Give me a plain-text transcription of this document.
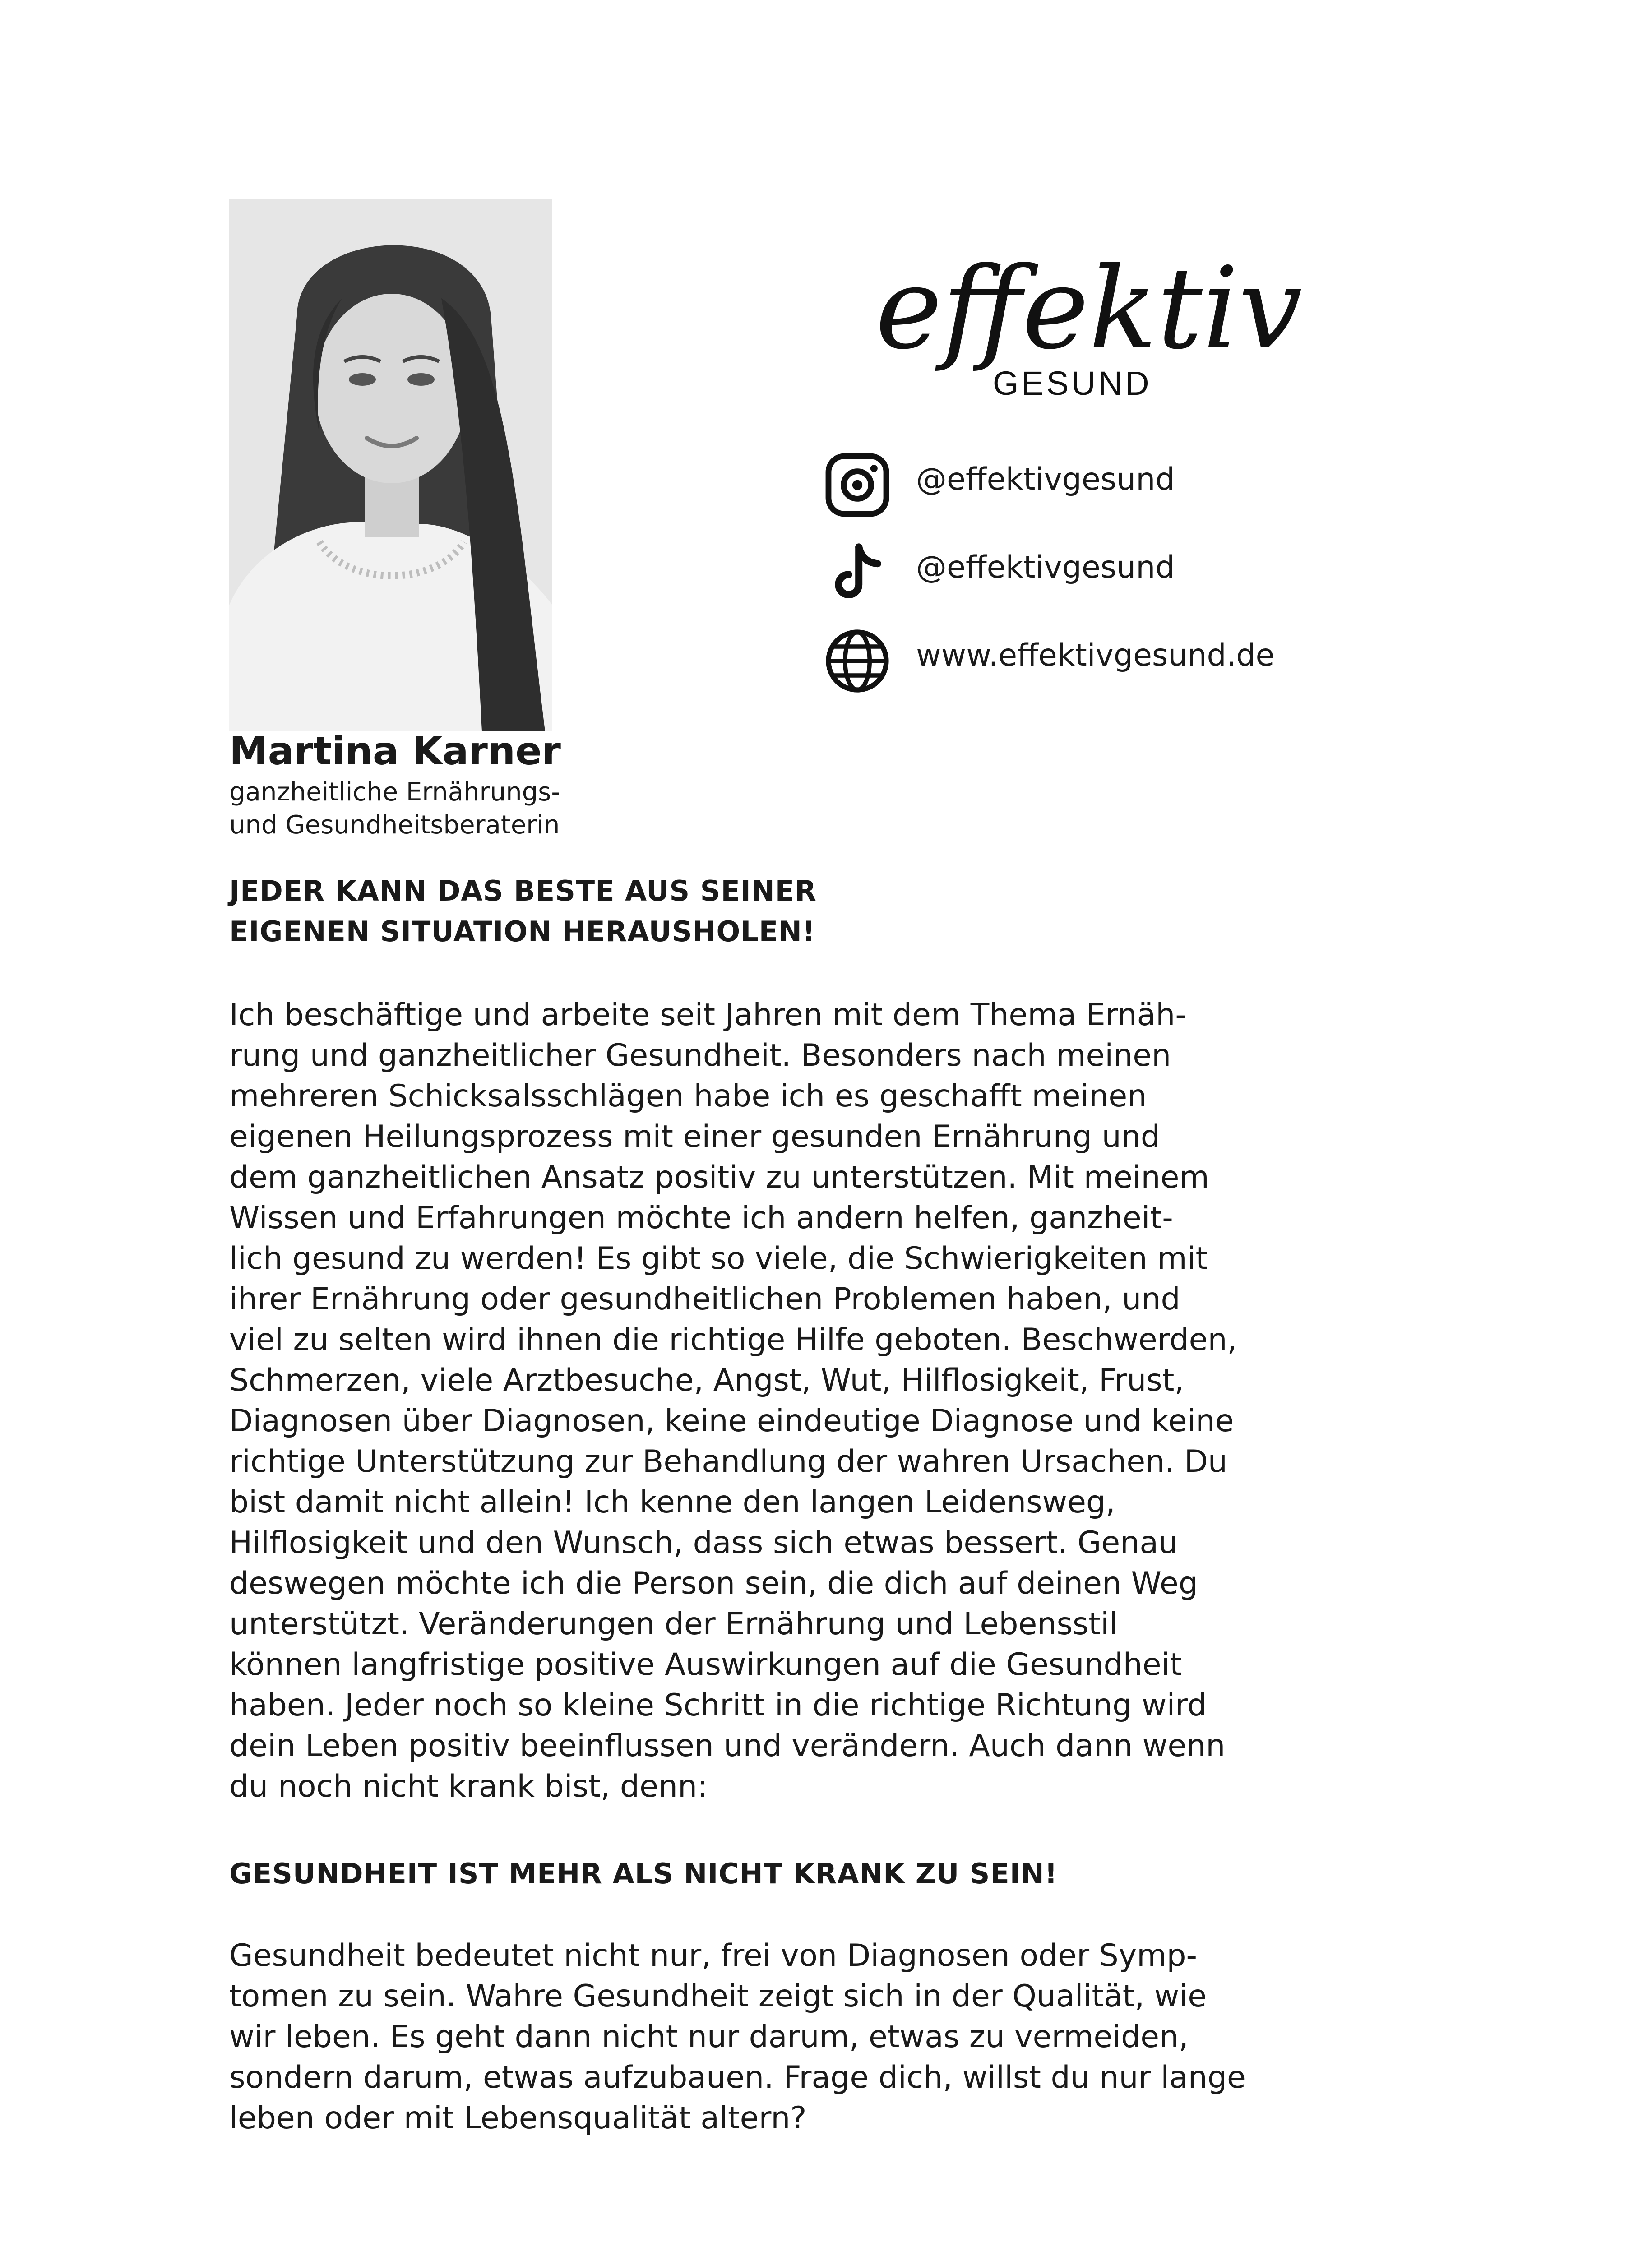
Martina Karner

ganzheitliche Ernährungs-
und Gesundheitsberaterin

effektiv
GESUND
@effektivgesund
@effektivgesund
www.effektivgesund.de
JEDER KANN DAS BESTE AUS SEINER
EIGENEN SITUATION HERAUSHOLEN!

Ich beschäftige und arbeite seit Jahren mit dem Thema Ernäh-
rung und ganzheitlicher Gesundheit. Besonders nach meinen
mehreren Schicksalsschlägen habe ich es geschafft meinen
eigenen Heilungsprozess mit einer gesunden Ernährung und
dem ganzheitlichen Ansatz positiv zu unterstützen. Mit meinem
Wissen und Erfahrungen möchte ich andern helfen, ganzheit-
lich gesund zu werden! Es gibt so viele, die Schwierigkeiten mit
ihrer Ernährung oder gesundheitlichen Problemen haben, und
viel zu selten wird ihnen die richtige Hilfe geboten. Beschwerden,
Schmerzen, viele Arztbesuche, Angst, Wut, Hilflosigkeit, Frust,
Diagnosen über Diagnosen, keine eindeutige Diagnose und keine
richtige Unterstützung zur Behandlung der wahren Ursachen. Du
bist damit nicht allein! Ich kenne den langen Leidensweg,
Hilflosigkeit und den Wunsch, dass sich etwas bessert. Genau
deswegen möchte ich die Person sein, die dich auf deinen Weg
unterstützt. Veränderungen der Ernährung und Lebensstil
können langfristige positive Auswirkungen auf die Gesundheit
haben. Jeder noch so kleine Schritt in die richtige Richtung wird
dein Leben positiv beeinflussen und verändern. Auch dann wenn
du noch nicht krank bist, denn:

GESUNDHEIT IST MEHR ALS NICHT KRANK ZU SEIN!

Gesundheit bedeutet nicht nur, frei von Diagnosen oder Symp-
tomen zu sein. Wahre Gesundheit zeigt sich in der Qualität, wie
wir leben. Es geht dann nicht nur darum, etwas zu vermeiden,
sondern darum, etwas aufzubauen. Frage dich, willst du nur lange
leben oder mit Lebensqualität altern?
